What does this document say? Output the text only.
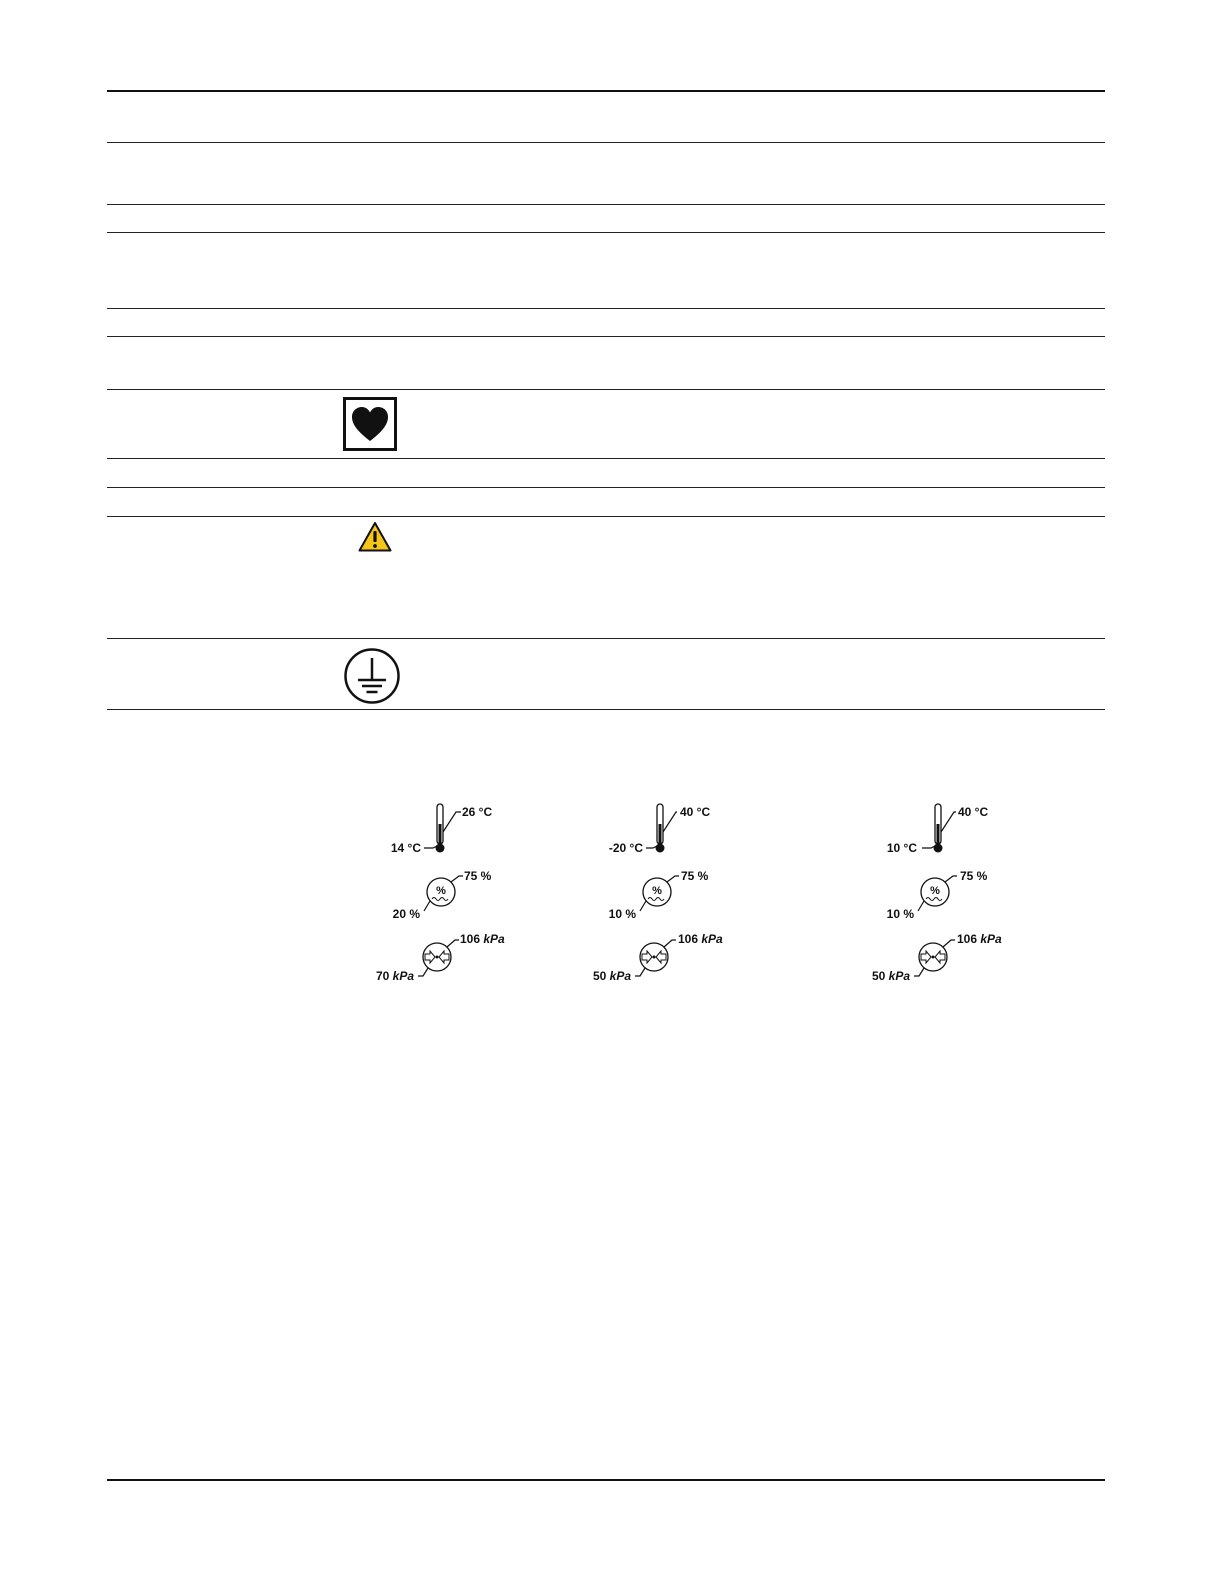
26 °C
14 °C
%
75 %
20 %
106 kPa
70 kPa
40 °C
-20 °C
%
75 %
10 %
106 kPa
50 kPa
40 °C
10 °C
%
75 %
10 %
106 kPa
50 kPa
